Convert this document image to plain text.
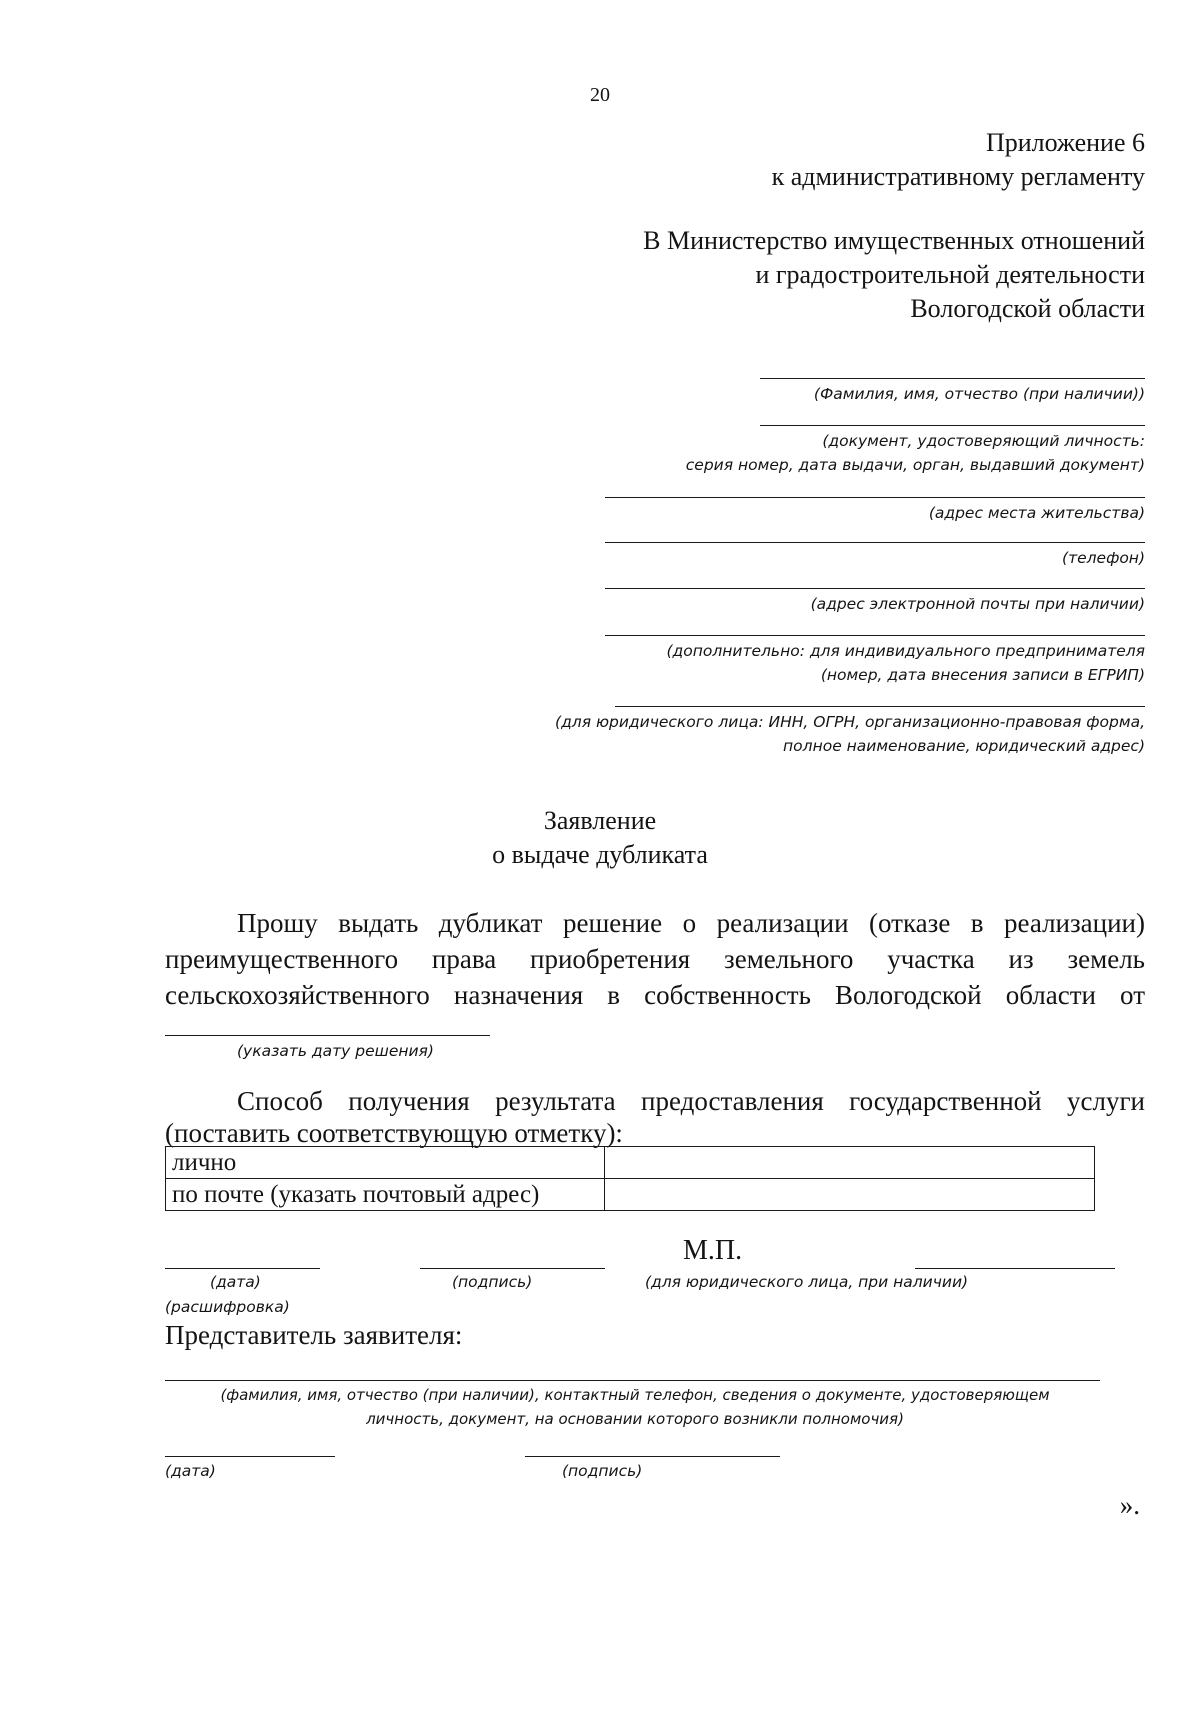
20
Приложение 6
к административному регламенту
В Министерство имущественных отношений
и градостроительной деятельности
Вологодской области
(Фамилия, имя, отчество (при наличии))
(документ, удостоверяющий личность:
серия номер, дата выдачи, орган, выдавший документ)
(адрес места жительства)
(телефон)
(адрес электронной почты при наличии)
(дополнительно: для индивидуального предпринимателя
(номер, дата внесения записи в ЕГРИП)
(для юридического лица: ИНН, ОГРН, организационно-правовая форма,
полное наименование, юридический адрес)
Заявление
о выдаче дубликата
Прошу выдать дубликат решение о реализации (отказе в реализации)
преимущественного права приобретения земельного участка из земель
сельскохозяйственного назначения в собственность Вологодской области от
(указать дату решения)
Способ получения результата предоставления государственной услуги
(поставить соответствующую отметку):
лично	
по почте (указать почтовый адрес)	
М.П.
(дата)	(подпись)	(для юридического лица, при наличии)
(расшифровка)
Представитель заявителя:
(фамилия, имя, отчество (при наличии), контактный телефон, сведения о документе, удостоверяющем
личность, документ, на основании которого возникли полномочия)
(дата)	(подпись)
».
